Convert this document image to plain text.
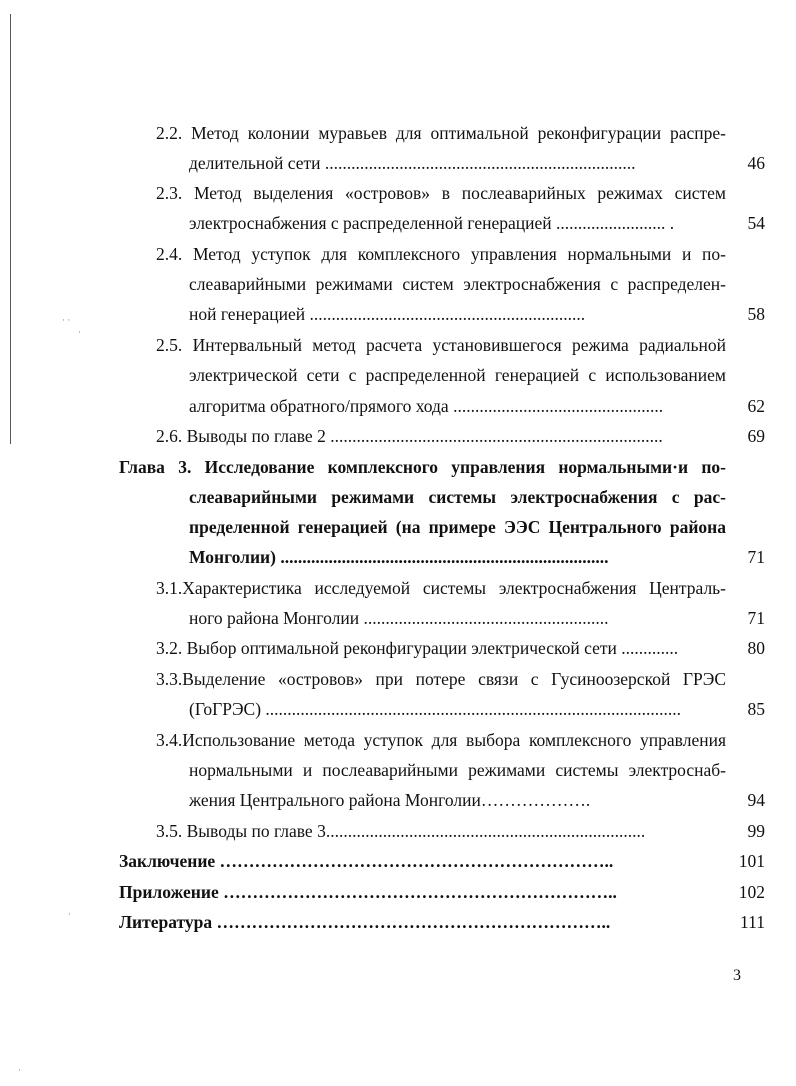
· ·
·
·
·
2.2. Метод колонии муравьев для оптимальной реконфигурации распре-
делительной сети .......................................................................	46
2.3. Метод выделения «островов» в послеаварийных режимах систем
электроснабжения с распределенной генерацией ......................... .	54
2.4. Метод уступок для комплексного управления нормальными и по-
слеаварийными режимами систем электроснабжения с распределен-
ной генерацией ...............................................................	58
2.5. Интервальный метод расчета установившегося режима радиальной
электрической сети с распределенной генерацией с использованием
алгоритма обратного/прямого хода ................................................	62
2.6. Выводы по главе 2 ............................................................................	69
Глава 3. Исследование комплексного управления нормальными·и по-
слеаварийными режимами системы электроснабжения с рас-
пределенной генерацией (на примере ЭЭС Центрального района
Монголии) ...........................................................................	71
3.1.Характеристика исследуемой системы электроснабжения Централь-
ного района Монголии ........................................................	71
3.2. Выбор оптимальной реконфигурации электрической сети .............	80
3.3.Выделение «островов» при потере связи с Гусиноозерской ГРЭС
(ГоГРЭС) ...............................................................................................	85
3.4.Использование метода уступок для выбора комплексного управления
нормальными и послеаварийными режимами системы электроснаб-
жения Центрального района Монголии……………….	94
3.5. Выводы по главе 3.........................................................................	99
Заключение …………………………………………………………..	101
Приложение …………………………………………………………..	102
Литература …………………………………………………………..	111
3
